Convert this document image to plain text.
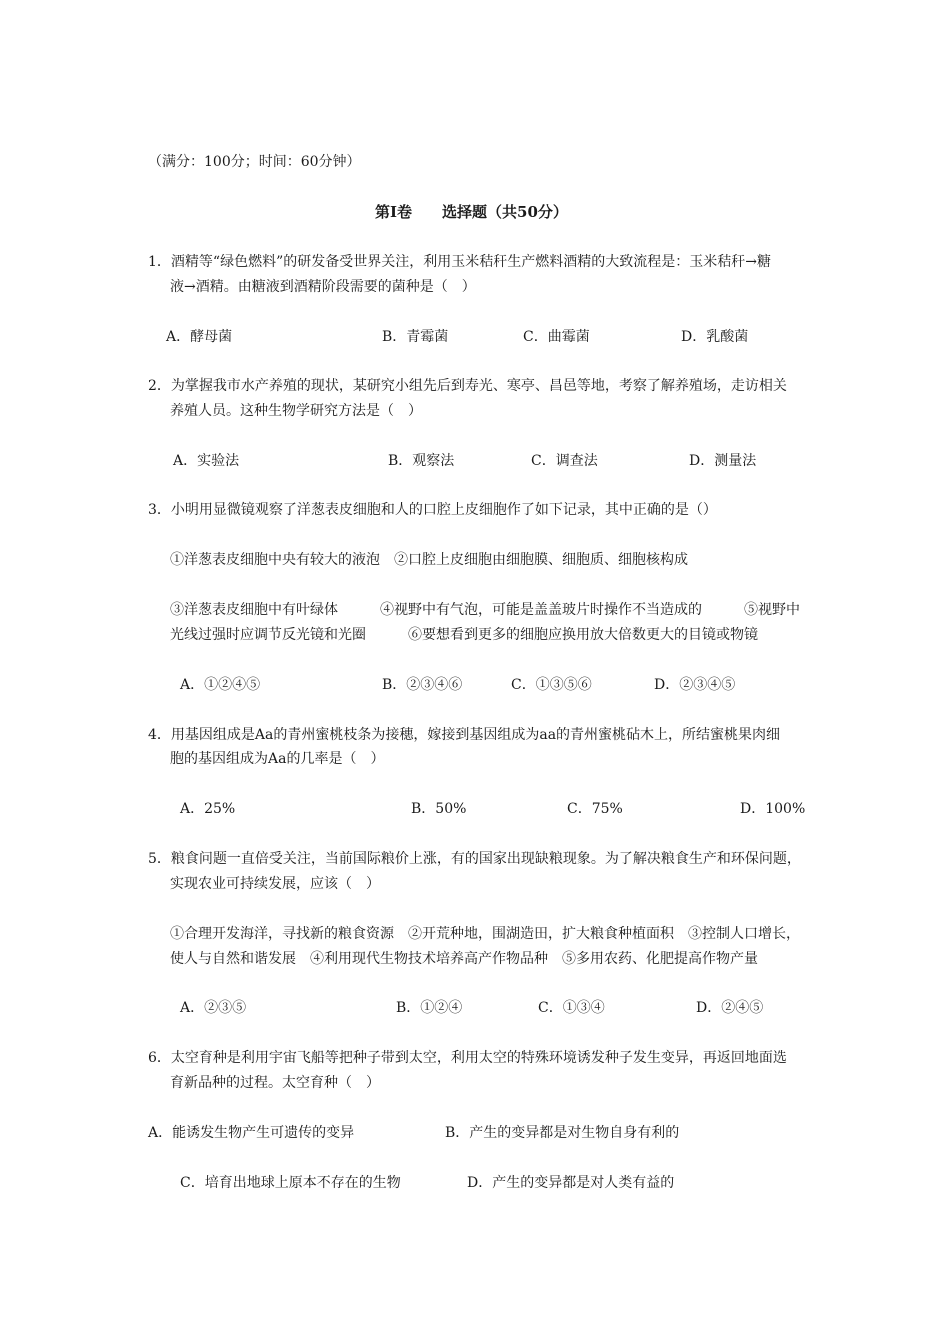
（满分：100分；时间：60分钟）
第Ⅰ卷　　选择题（共50分）
1．酒精等“绿色燃料”的研发备受世界关注，利用玉米秸秆生产燃料酒精的大致流程是：玉米秸秆→糖
液→酒精。由糖液到酒精阶段需要的菌种是（　）
A．酵母菌	B．青霉菌	C．曲霉菌	D．乳酸菌
2．为掌握我市水产养殖的现状，某研究小组先后到寿光、寒亭、昌邑等地，考察了解养殖场，走访相关
养殖人员。这种生物学研究方法是（　）
A．实验法	B．观察法	C．调查法	D．测量法
3．小明用显微镜观察了洋葱表皮细胞和人的口腔上皮细胞作了如下记录，其中正确的是（）
①洋葱表皮细胞中央有较大的液泡　②口腔上皮细胞由细胞膜、细胞质、细胞核构成
③洋葱表皮细胞中有叶绿体　　　④视野中有气泡，可能是盖盖玻片时操作不当造成的　　　⑤视野中
光线过强时应调节反光镜和光圈　　　⑥要想看到更多的细胞应换用放大倍数更大的目镜或物镜
A．①②④⑤	B．②③④⑥	C．①③⑤⑥	D．②③④⑤
4．用基因组成是Aa的青州蜜桃枝条为接穗，嫁接到基因组成为aa的青州蜜桃砧木上，所结蜜桃果肉细
胞的基因组成为Aa的几率是（　）
A．25%	B．50%	C．75%	D．100%
5．粮食问题一直倍受关注，当前国际粮价上涨，有的国家出现缺粮现象。为了解决粮食生产和环保问题，
实现农业可持续发展，应该（　）
①合理开发海洋，寻找新的粮食资源　②开荒种地，围湖造田，扩大粮食种植面积　③控制人口增长，
使人与自然和谐发展　④利用现代生物技术培养高产作物品种　⑤多用农药、化肥提高作物产量
A．②③⑤	B．①②④	C．①③④	D．②④⑤
6．太空育种是利用宇宙飞船等把种子带到太空，利用太空的特殊环境诱发种子发生变异，再返回地面选
育新品种的过程。太空育种（　）
A．能诱发生物产生可遗传的变异	B．产生的变异都是对生物自身有利的
C．培育出地球上原本不存在的生物	D．产生的变异都是对人类有益的
